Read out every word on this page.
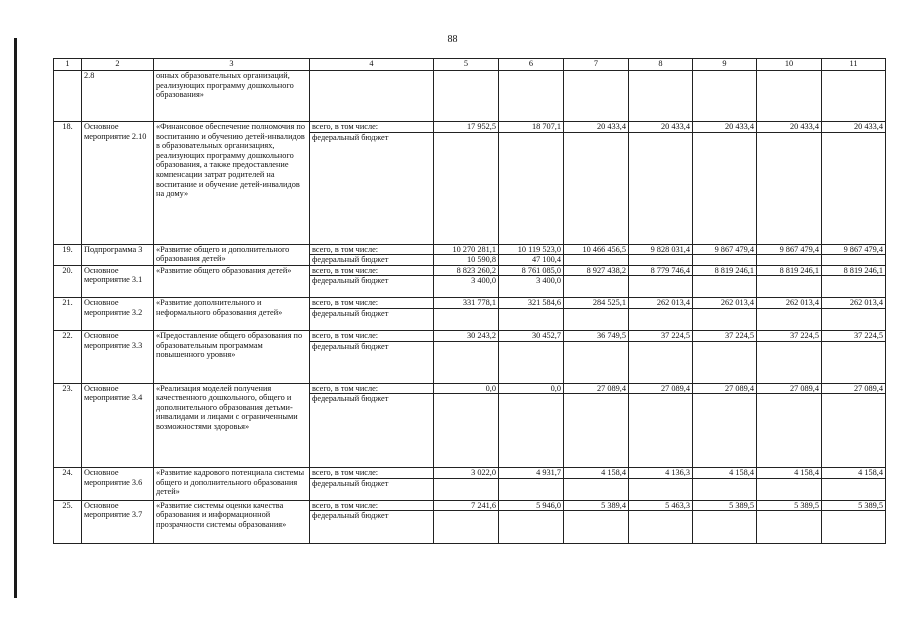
88
1	2	3	4	5	6	7	8	9	10	11
	2.8	онных образовательных организаций, реализующих программу дошкольного образования»								
18.	Основное мероприятие 2.10	«Финансовое обеспечение полномочия по воспитанию и обучению детей-инвалидов в образовательных организациях, реализующих программу дошкольного образования, а также предоставление компенсации затрат родителей на воспитание и обучение детей-инвалидов на дому»	всего, в том числе:	17 952,5	18 707,1	20 433,4	20 433,4	20 433,4	20 433,4	20 433,4
			федеральный бюджет							
19.	Подпрограмма 3	«Развитие общего и дополнительного образования детей»	всего, в том числе:	10 270 281,1	10 119 523,0	10 466 456,5	9 828 031,4	9 867 479,4	9 867 479,4	9 867 479,4
			федеральный бюджет	10 590,8	47 100,4					
20.	Основное мероприятие 3.1	«Развитие общего образования детей»	всего, в том числе:	8 823 260,2	8 761 085,0	8 927 438,2	8 779 746,4	8 819 246,1	8 819 246,1	8 819 246,1
			федеральный бюджет	3 400,0	3 400,0					
21.	Основное мероприятие 3.2	«Развитие дополнительного и неформального образования детей»	всего, в том числе:	331 778,1	321 584,6	284 525,1	262 013,4	262 013,4	262 013,4	262 013,4
			федеральный бюджет							
22.	Основное мероприятие 3.3	«Предоставление общего образования по образовательным программам повышенного уровня»	всего, в том числе:	30 243,2	30 452,7	36 749,5	37 224,5	37 224,5	37 224,5	37 224,5
			федеральный бюджет							
23.	Основное мероприятие 3.4	«Реализация моделей получения качественного дошкольного, общего и дополнительного образования детьми-инвалидами и лицами с ограниченными возможностями здоровья»	всего, в том числе:	0,0	0,0	27 089,4	27 089,4	27 089,4	27 089,4	27 089,4
			федеральный бюджет							
24.	Основное мероприятие 3.6	«Развитие кадрового потенциала системы общего и дополнительного образования детей»	всего, в том числе:	3 022,0	4 931,7	4 158,4	4 136,3	4 158,4	4 158,4	4 158,4
			федеральный бюджет							
25.	Основное мероприятие 3.7	«Развитие системы оценки качества образования и информационной прозрачности системы образования»	всего, в том числе:	7 241,6	5 946,0	5 389,4	5 463,3	5 389,5	5 389,5	5 389,5
			федеральный бюджет							
